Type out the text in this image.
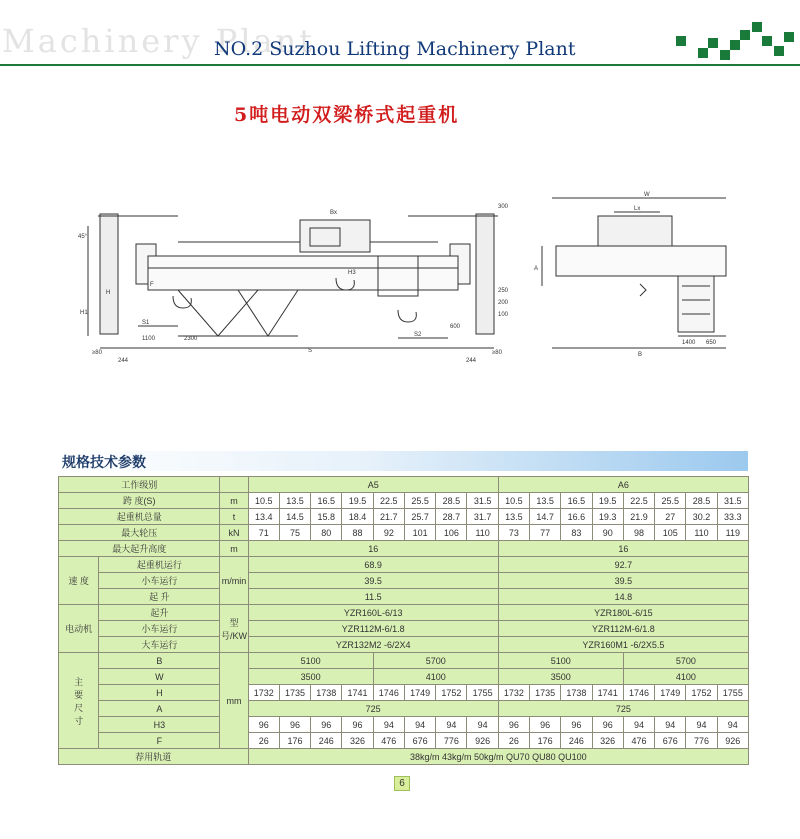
Machinery Plant
NO.2 Suzhou Lifting Machinery Plant
5吨电动双梁桥式起重机
Bx
45°
S1
1100	2300
S
S2
600
≥80
244	244
≥80
H1
H
H3
F
300
250
200
100
W
Lx
A
1400 650
B
规格技术参数
工作级别			A5								A6							
跨 度(S)		m	10.5	13.5	16.5	19.5	22.5	25.5	28.5	31.5	10.5	13.5	16.5	19.5	22.5	25.5	28.5	31.5
起重机总量		t	13.4	14.5	15.8	18.4	21.7	25.7	28.7	31.7	13.5	14.7	16.6	19.3	21.9	27	30.2	33.3
最大轮压		kN	71	75	80	88	92	101	106	110	73	77	83	90	98	105	110	119
最大起升高度		m	16								16							
速 度	起重机运行	m/min	68.9								92.7							
	小车运行		39.5								39.5							
	起 升		11.5								14.8							
电动机	起升	型号/KW	YZR160L-6/13								YZR180L-6/15							
	小车运行		YZR112M-6/1.8								YZR112M-6/1.8							
	大车运行		YZR132M2 -6/2X4								YZR160M1 -6/2X5.5							
主要尺寸	B	mm	5100				5700				5100				5700			
	W		3500				4100				3500				4100			
	H		1732	1735	1738	1741	1746	1749	1752	1755	1732	1735	1738	1741	1746	1749	1752	1755
	A		725								725							
	H3		96	96	96	96	94	94	94	94	96	96	96	96	94	94	94	94
	F		26	176	246	326	476	676	776	926	26	176	246	326	476	676	776	926
荐用轨道			38kg/m 43kg/m 50kg/m QU70 QU80 QU100															
6
